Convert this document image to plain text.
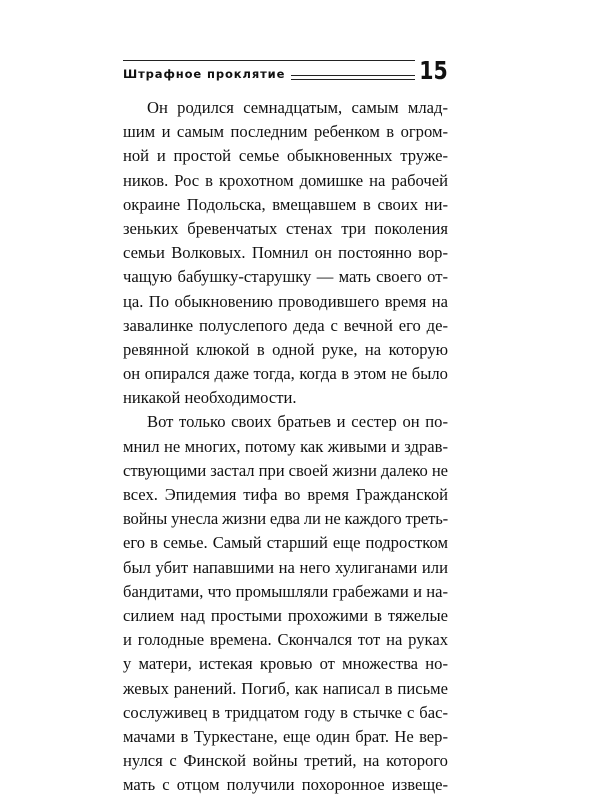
Штрафное проклятие	15
Он родился семнадцатым, самым млад-
шим и самым последним ребенком в огром-
ной и простой семье обыкновенных труже-
ников. Рос в крохотном домишке на рабочей
окраине Подольска, вмещавшем в своих ни-
зеньких бревенчатых стенах три поколения
семьи Волковых. Помнил он постоянно вор-
чащую бабушку-старушку — мать своего от-
ца. По обыкновению проводившего время на
завалинке полуслепого деда с вечной его де-
ревянной клюкой в одной руке, на которую
он опирался даже тогда, когда в этом не было
никакой необходимости.
Вот только своих братьев и сестер он по-
мнил не многих, потому как живыми и здрав-
ствующими застал при своей жизни далеко не
всех. Эпидемия тифа во время Гражданской
войны унесла жизни едва ли не каждого треть-
его в семье. Самый старший еще подростком
был убит напавшими на него хулиганами или
бандитами, что промышляли грабежами и на-
силием над простыми прохожими в тяжелые
и голодные времена. Скончался тот на руках
у матери, истекая кровью от множества но-
жевых ранений. Погиб, как написал в письме
сослуживец в тридцатом году в стычке с бас-
мачами в Туркестане, еще один брат. Не вер-
нулся с Финской войны третий, на которого
мать с отцом получили похоронное извеще-
